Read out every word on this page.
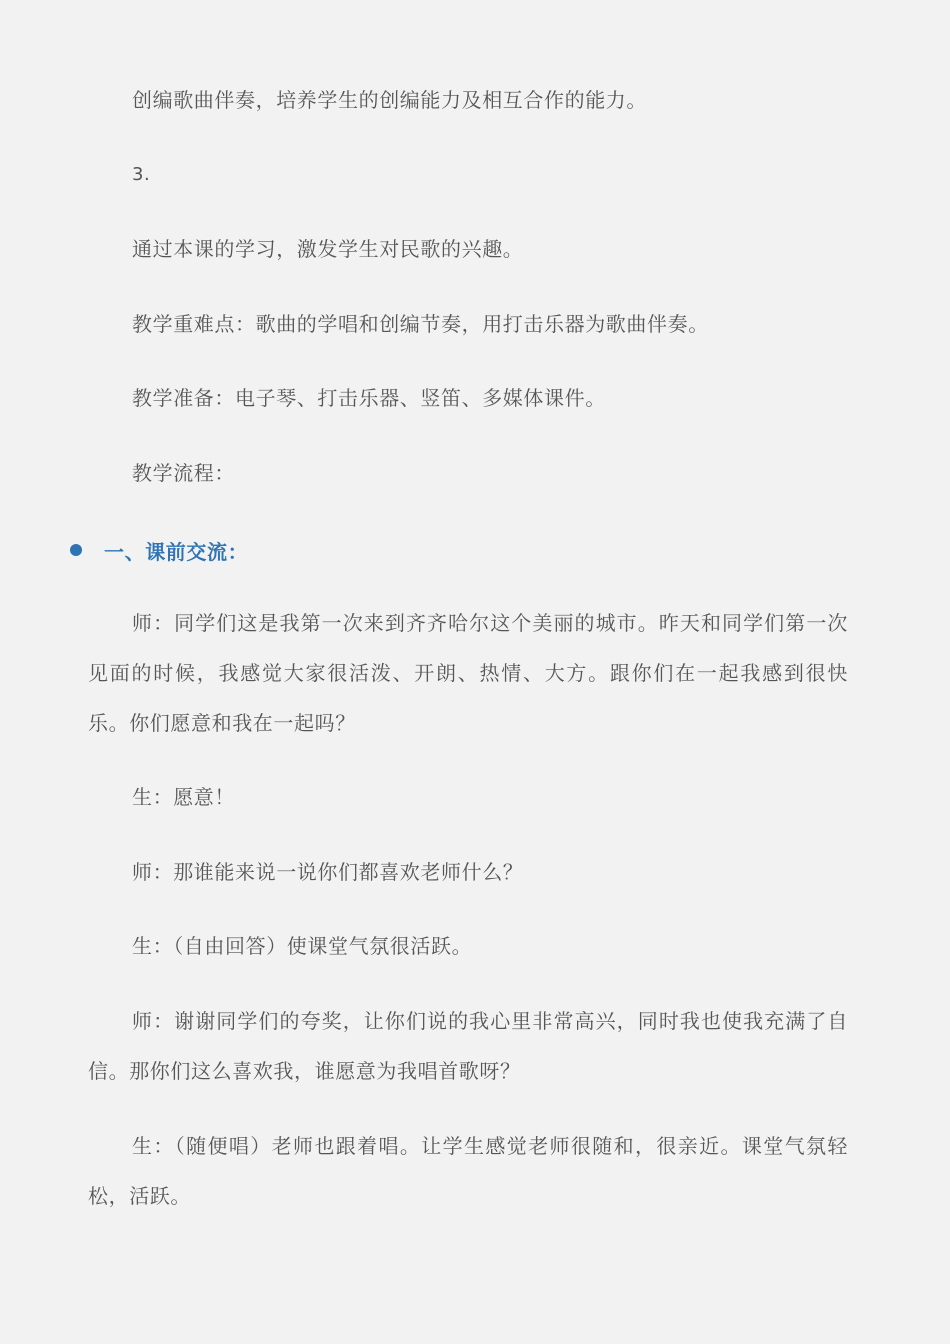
创编歌曲伴奏，培养学生的创编能力及相互合作的能力。

3.

通过本课的学习，激发学生对民歌的兴趣。

教学重难点：歌曲的学唱和创编节奏，用打击乐器为歌曲伴奏。

教学准备：电子琴、打击乐器、竖笛、多媒体课件。

教学流程：

一、课前交流：

师：同学们这是我第一次来到齐齐哈尔这个美丽的城市。昨天和同学们第一次见面的时候，我感觉大家很活泼、开朗、热情、大方。跟你们在一起我感到很快乐。你们愿意和我在一起吗？

生：愿意！

师：那谁能来说一说你们都喜欢老师什么？

生：（自由回答）使课堂气氛很活跃。

师：谢谢同学们的夸奖，让你们说的我心里非常高兴，同时我也使我充满了自信。那你们这么喜欢我，谁愿意为我唱首歌呀？

生：（随便唱）老师也跟着唱。让学生感觉老师很随和，很亲近。课堂气氛轻松，活跃。
